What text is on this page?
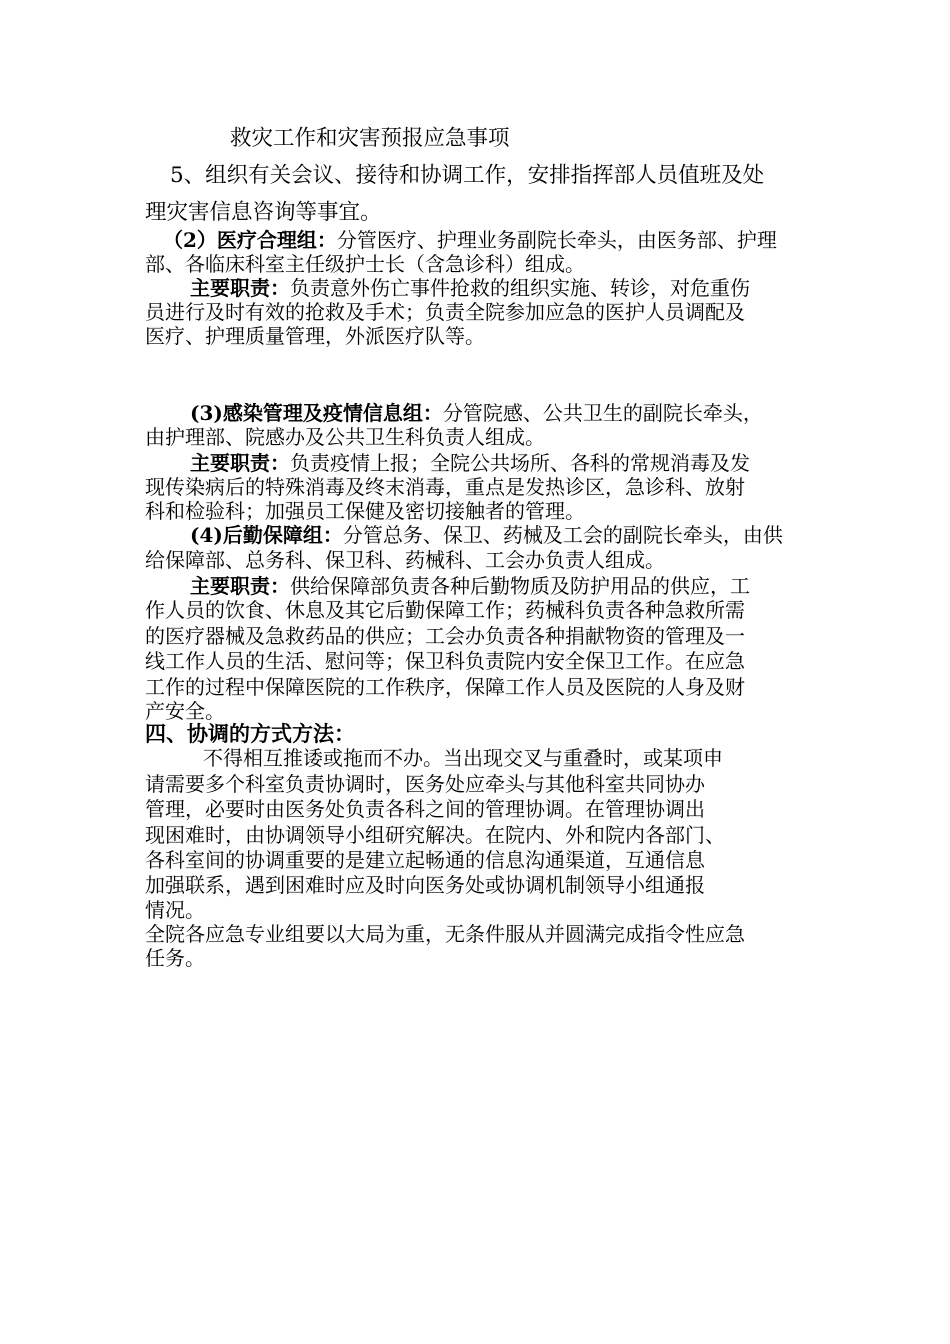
救灾工作和灾害预报应急事项
5、组织有关会议、接待和协调工作，安排指挥部人员值班及处
理灾害信息咨询等事宜。
（2）医疗合理组：分管医疗、护理业务副院长牵头，由医务部、护理
部、各临床科室主任级护士长（含急诊科）组成。
主要职责：负责意外伤亡事件抢救的组织实施、转诊，对危重伤
员进行及时有效的抢救及手术；负责全院参加应急的医护人员调配及
医疗、护理质量管理，外派医疗队等。
(3)感染管理及疫情信息组：分管院感、公共卫生的副院长牵头，
由护理部、院感办及公共卫生科负责人组成。
主要职责：负责疫情上报；全院公共场所、各科的常规消毒及发
现传染病后的特殊消毒及终末消毒，重点是发热诊区，急诊科、放射
科和检验科；加强员工保健及密切接触者的管理。
(4)后勤保障组：分管总务、保卫、药械及工会的副院长牵头，由供
给保障部、总务科、保卫科、药械科、工会办负责人组成。
主要职责：供给保障部负责各种后勤物质及防护用品的供应，工
作人员的饮食、休息及其它后勤保障工作；药械科负责各种急救所需
的医疗器械及急救药品的供应；工会办负责各种捐献物资的管理及一
线工作人员的生活、慰问等；保卫科负责院内安全保卫工作。在应急
工作的过程中保障医院的工作秩序，保障工作人员及医院的人身及财
产安全。
四、协调的方式方法：
不得相互推诿或拖而不办。当出现交叉与重叠时，或某项申
请需要多个科室负责协调时，医务处应牵头与其他科室共同协办
管理，必要时由医务处负责各科之间的管理协调。在管理协调出
现困难时，由协调领导小组研究解决。在院内、外和院内各部门、
各科室间的协调重要的是建立起畅通的信息沟通渠道，互通信息
加强联系，遇到困难时应及时向医务处或协调机制领导小组通报
情况。
全院各应急专业组要以大局为重，无条件服从并圆满完成指令性应急
任务。
